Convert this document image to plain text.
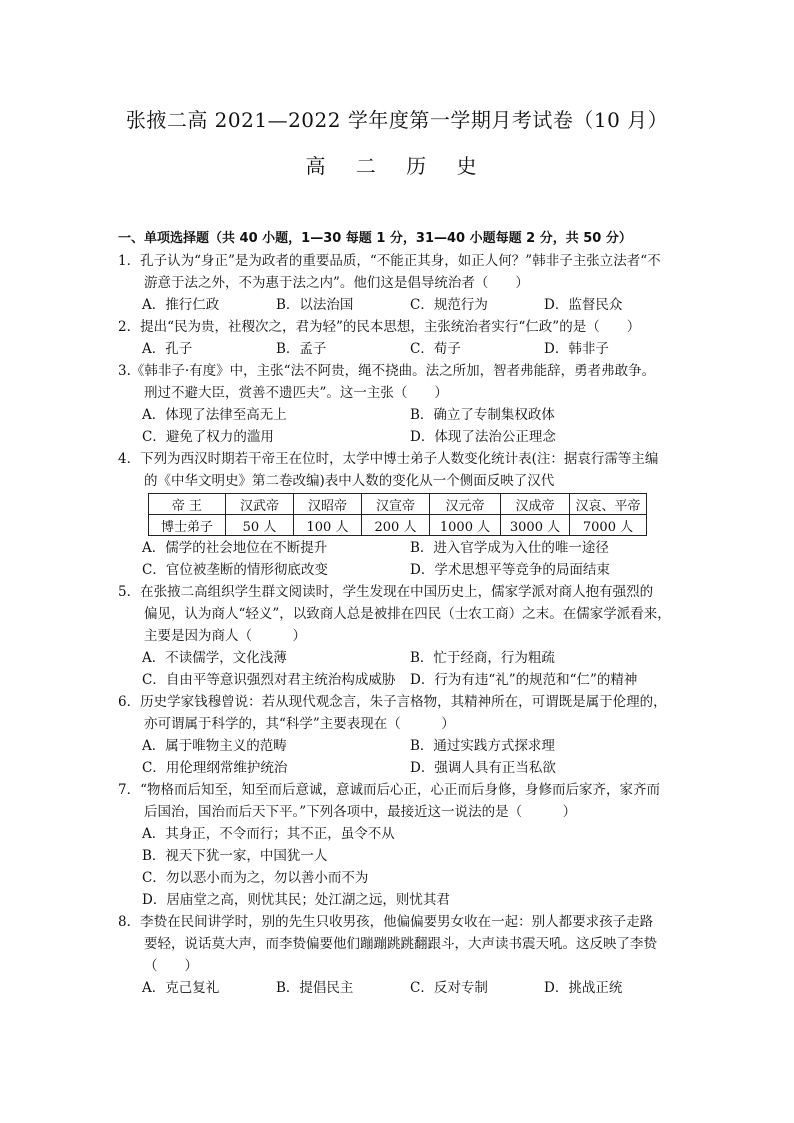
张掖二高 2021—2022 学年度第一学期月考试卷（10 月）
高 二 历 史
一、单项选择题（共 40 小题，1—30 每题 1 分，31—40 小题每题 2 分，共 50 分）
1．孔子认为“身正”是为政者的重要品质，“不能正其身，如正人何？”韩非子主张立法者“不
游意于法之外，不为惠于法之内”。他们这是倡导统治者（　　）
A．推行仁政	B．以法治国	C．规范行为	D．监督民众
2．提出“民为贵，社稷次之，君为轻”的民本思想，主张统治者实行“仁政”的是（　　）
A．孔子	B．孟子	C．荀子	D．韩非子
3.《韩非子·有度》中，主张“法不阿贵，绳不挠曲。法之所加，智者弗能辞，勇者弗敢争。
刑过不避大臣，赏善不遗匹夫”。这一主张（　　）
A．体现了法律至高无上	B．确立了专制集权政体
C．避免了权力的滥用	D．体现了法治公正理念
4．下列为西汉时期若干帝王在位时，太学中博士弟子人数变化统计表(注：据袁行霈等主编
的《中华文明史》第二卷改编)表中人数的变化从一个侧面反映了汉代
帝 王	汉武帝	汉昭帝	汉宣帝	汉元帝	汉成帝	汉哀、平帝
博士弟子	50 人	100 人	200 人	1000 人	3000 人	7000 人
A．儒学的社会地位在不断提升	B．进入官学成为入仕的唯一途径
C．官位被垄断的情形彻底改变	D．学术思想平等竞争的局面结束
5．在张掖二高组织学生群文阅读时，学生发现在中国历史上，儒家学派对商人抱有强烈的
偏见，认为商人“轻义”，以致商人总是被排在四民（士农工商）之末。在儒家学派看来，
主要是因为商人（　　　）
A．不读儒学，文化浅薄	B．忙于经商，行为粗疏
C．自由平等意识强烈对君主统治构成威胁	D．行为有违“礼”的规范和“仁”的精神
6．历史学家钱穆曾说：若从现代观念言，朱子言格物，其精神所在，可谓既是属于伦理的，
亦可谓属于科学的，其“科学”主要表现在（　　　）
A．属于唯物主义的范畴	B．通过实践方式探求理
C．用伦理纲常维护统治	D．强调人具有正当私欲
7．“物格而后知至，知至而后意诚，意诚而后心正，心正而后身修，身修而后家齐，家齐而
后国治，国治而后天下平。”下列各项中，最接近这一说法的是（　　　）
A．其身正，不令而行；其不正，虽令不从
B．视天下犹一家，中国犹一人
C．勿以恶小而为之，勿以善小而不为
D．居庙堂之高，则忧其民；处江湖之远，则忧其君
8．李贽在民间讲学时，别的先生只收男孩，他偏偏要男女收在一起：别人都要求孩子走路
要轻，说话莫大声，而李贽偏要他们蹦蹦跳跳翻跟斗，大声读书震天吼。这反映了李贽
（　　）
A．克己复礼	B．提倡民主	C．反对专制	D．挑战正统
